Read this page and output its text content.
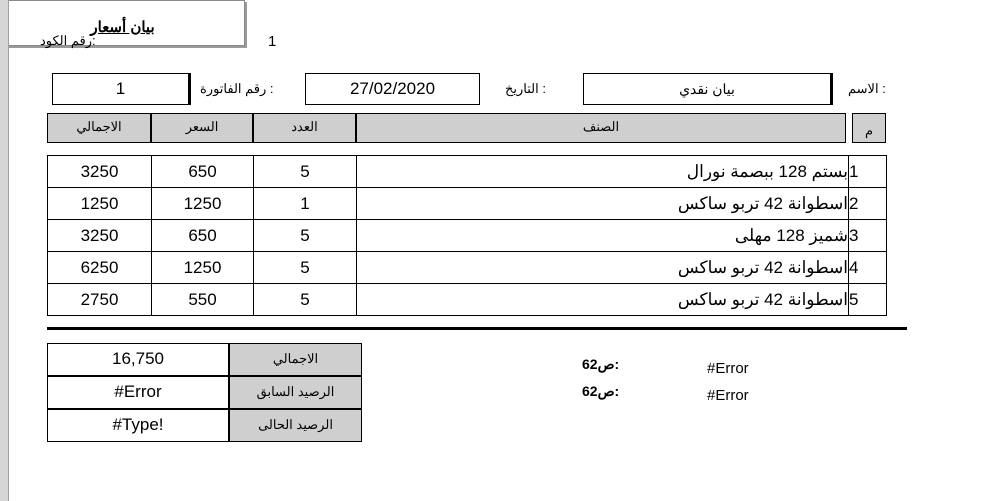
رقم الكود:	1
بيان أسعار
الاسم :
بيان نقدي
التاريخ :
27/02/2020
رقم الفاتورة :
1
الاجمالي	السعر	العدد	الصنف	م
3250	650	5	بستم 128 ببصمة نورال	1
1250	1250	1	اسطوانة 42 تربو ساكس	2
3250	650	5	شميز 128 مهلى	3
6250	1250	5	اسطوانة 42 تربو ساكس	4
2750	550	5	اسطوانة 42 تربو ساكس	5
16,750	الاجمالي
#Error	الرصيد السابق
#Type!	الرصيد الحالى
ص62:	#Error
ص62:	#Error
